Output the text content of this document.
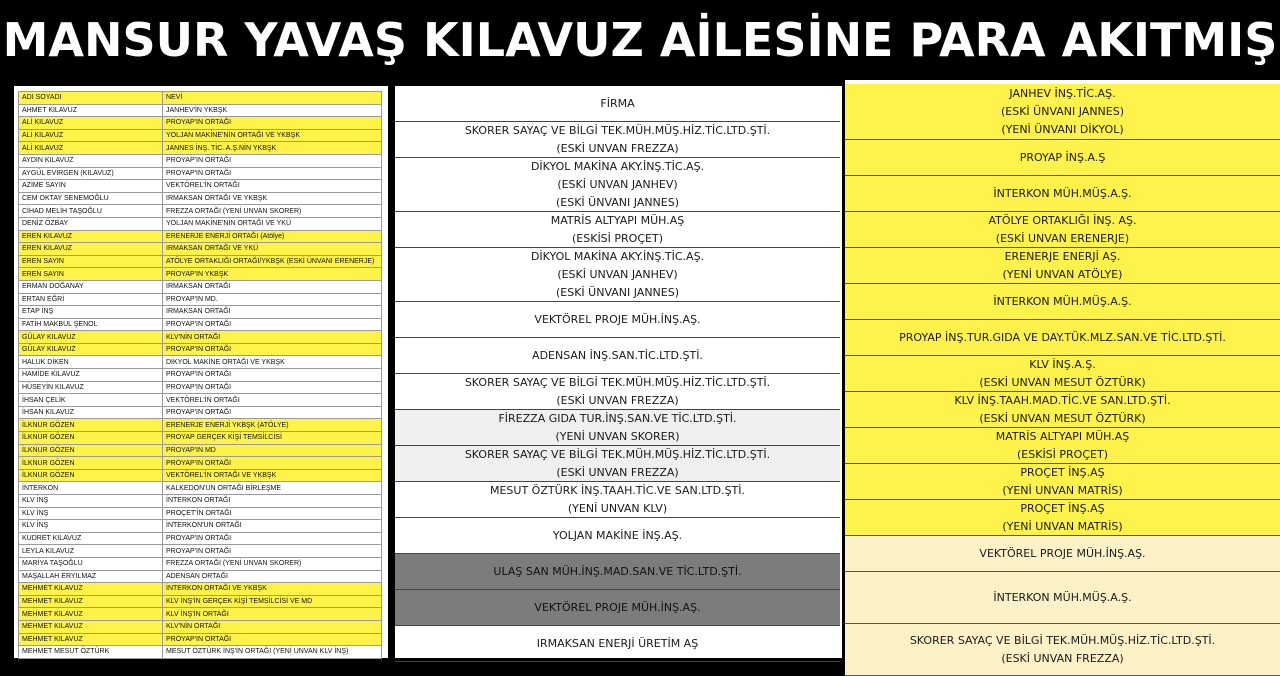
MANSUR YAVAŞ KILAVUZ AİLESİNE PARA AKITMIŞ
ADI SOYADI	NEVİ
AHMET KILAVUZ	JANHEV'İN YKBŞK
ALİ KILAVUZ	PROYAP'IN ORTAĞI
ALİ KILAVUZ	YOLJAN MAKİNE'NİN ORTAĞI VE YKBŞK
ALİ KILAVUZ	JANNES İNŞ. TİC. A.Ş.NİN YKBŞK
AYDIN KILAVUZ	PROYAP'IN ORTAĞI
AYGÜL EVİRGEN (KILAVUZ)	PROYAP'IN ORTAĞI
AZİME SAYIN	VEKTÖREL'İN ORTAĞI
CEM OKTAY SENEMOĞLU	IRMAKSAN ORTAĞI VE YKBŞK
CİHAD MELİH TAŞOĞLU	FREZZA ORTAĞI (YENİ UNVAN SKORER)
DENİZ ÖZBAY	YOLJAN MAKİNE'NİN ORTAĞI VE YKÜ
EREN KILAVUZ	ERENERJE ENERJİ ORTAĞI (Atölye)
EREN KILAVUZ	IRMAKSAN ORTAĞI VE YKÜ
EREN SAYIN	ATÖLYE ORTAKLIĞI ORTAĞI/YKBŞK (ESKİ ÜNVANI ERENERJE)
EREN SAYIN	PROYAP'IN YKBŞK
ERMAN DOĞANAY	IRMAKSAN ORTAĞI
ERTAN EĞRİ	PROYAP'IN MD.
ETAP İNŞ	IRMAKSAN ORTAĞI
FATİH MAKBUL ŞENOL	PROYAP'IN ORTAĞI
GÜLAY KILAVUZ	KLV'NİN ORTAĞI
GÜLAY KILAVUZ	PROYAP'IN ORTAĞI
HALUK DİKEN	DİKYOL MAKİNE ORTAĞI VE YKBŞK
HAMİDE KILAVUZ	PROYAP'IN ORTAĞI
HÜSEYİN KILAVUZ	PROYAP'IN ORTAĞI
İHSAN ÇELİK	VEKTÖREL'İN ORTAĞI
İHSAN KILAVUZ	PROYAP'IN ORTAĞI
İLKNUR GÖZEN	ERENERJE ENERJİ YKBŞK (ATÖLYE)
İLKNUR GÖZEN	PROYAP GERÇEK KİŞİ TEMSİLCİSİ
İLKNUR GÖZEN	PROYAP'IN MD
İLKNUR GÖZEN	PROYAP'IN ORTAĞI
İLKNUR GÖZEN	VEKTÖREL'İN ORTAĞI VE YKBŞK
İNTERKON	KALKEDON'UN ORTAĞI BİRLEŞME
KLV İNŞ	İNTERKON ORTAĞI
KLV İNŞ	PROÇET'İN ORTAĞI
KLV İNŞ	İNTERKON'UN ORTAĞI
KUDRET KILAVUZ	PROYAP'IN ORTAĞI
LEYLA KILAVUZ	PROYAP'IN ORTAĞI
MARİYA TAŞOĞLU	FREZZA ORTAĞI (YENİ UNVAN SKORER)
MAŞALLAH ERYILMAZ	ADENSAN ORTAĞI
MEHMET KILAVUZ	İNTERKON ORTAĞI VE YKBŞK
MEHMET KILAVUZ	KLV İNŞ'İN GERÇEK KİŞİ TEMSİLCİSİ VE MD
MEHMET KILAVUZ	KLV İNŞ'İN ORTAĞI
MEHMET KILAVUZ	KLV'NİN ORTAĞI
MEHMET KILAVUZ	PROYAP'IN ORTAĞI
MEHMET MESUT ÖZTÜRK	MESUT ÖZTÜRK İNŞ'İN ORTAĞI (YENİ UNVAN KLV İNŞ)
FİRMA
SKORER SAYAÇ VE BİLGİ TEK.MÜH.MÜŞ.HİZ.TİC.LTD.ŞTİ.
(ESKİ UNVAN FREZZA)
DİKYOL MAKİNA AKY.İNŞ.TİC.AŞ.
(ESKİ UNVAN JANHEV)
(ESKİ ÜNVANI JANNES)
MATRİS ALTYAPI MÜH.AŞ
(ESKİSİ PROÇET)
DİKYOL MAKİNA AKY.İNŞ.TİC.AŞ.
(ESKİ UNVAN JANHEV)
(ESKİ ÜNVANI JANNES)
VEKTÖREL PROJE MÜH.İNŞ.AŞ.
ADENSAN İNŞ.SAN.TİC.LTD.ŞTİ.
SKORER SAYAÇ VE BİLGİ TEK.MÜH.MÜŞ.HİZ.TİC.LTD.ŞTİ.
(ESKİ UNVAN FREZZA)
FİREZZA GIDA TUR.İNŞ.SAN.VE TİC.LTD.ŞTİ.
(YENİ UNVAN SKORER)
SKORER SAYAÇ VE BİLGİ TEK.MÜH.MÜŞ.HİZ.TİC.LTD.ŞTİ.
(ESKİ UNVAN FREZZA)
MESUT ÖZTÜRK İNŞ.TAAH.TİC.VE SAN.LTD.ŞTİ.
(YENİ UNVAN KLV)
YOLJAN MAKİNE İNŞ.AŞ.
ULAŞ SAN MÜH.İNŞ.MAD.SAN.VE TİC.LTD.ŞTİ.
VEKTÖREL PROJE MÜH.İNŞ.AŞ.
IRMAKSAN ENERJİ ÜRETİM AŞ
JANHEV İNŞ.TİC.AŞ.
(ESKİ ÜNVANI JANNES)
(YENİ ÜNVANI DİKYOL)
PROYAP İNŞ.A.Ş
İNTERKON MÜH.MÜŞ.A.Ş.
ATÖLYE ORTAKLIĞI İNŞ. AŞ.
(ESKİ UNVAN ERENERJE)
ERENERJE ENERJİ AŞ.
(YENİ UNVAN ATÖLYE)
İNTERKON MÜH.MÜŞ.A.Ş.
PROYAP İNŞ.TUR.GIDA VE DAY.TÜK.MLZ.SAN.VE TİC.LTD.ŞTİ.
KLV İNŞ.A.Ş.
(ESKİ UNVAN MESUT ÖZTÜRK)
KLV İNŞ.TAAH.MAD.TİC.VE SAN.LTD.ŞTİ.
(ESKİ UNVAN MESUT ÖZTÜRK)
MATRİS ALTYAPI MÜH.AŞ
(ESKİSİ PROÇET)
PROÇET İNŞ.AŞ
(YENİ UNVAN MATRİS)
PROÇET İNŞ.AŞ
(YENİ UNVAN MATRİS)
VEKTÖREL PROJE MÜH.İNŞ.AŞ.
İNTERKON MÜH.MÜŞ.A.Ş.
SKORER SAYAÇ VE BİLGİ TEK.MÜH.MÜŞ.HİZ.TİC.LTD.ŞTİ.
(ESKİ UNVAN FREZZA)
